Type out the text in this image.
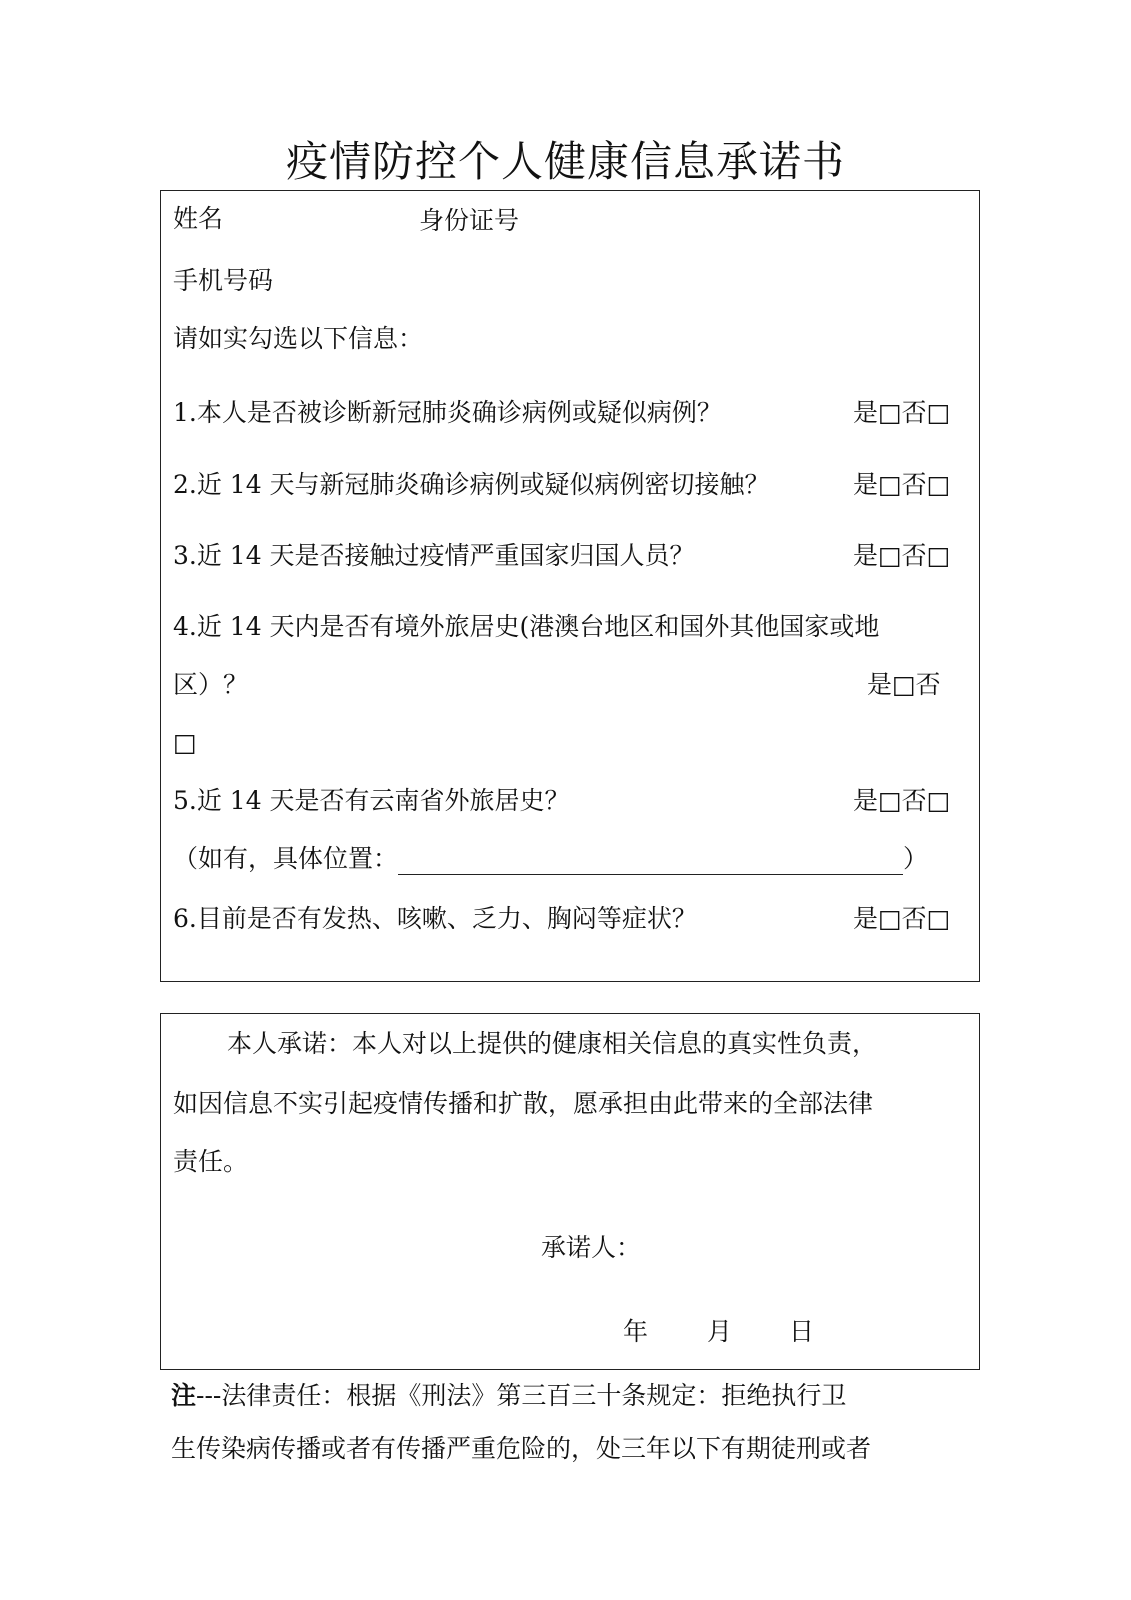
疫情防控个人健康信息承诺书
姓名	身份证号
手机号码
请如实勾选以下信息：
1.本人是否被诊断新冠肺炎确诊病例或疑似病例？	是□否□
2.近 14 天与新冠肺炎确诊病例或疑似病例密切接触？	是□否□
3.近 14 天是否接触过疫情严重国家归国人员？	是□否□
4.近 14 天内是否有境外旅居史(港澳台地区和国外其他国家或地
区）？	是□否
□
5.近 14 天是否有云南省外旅居史？	是□否□
（如有，具体位置：	）
6.目前是否有发热、咳嗽、乏力、胸闷等症状？	是□否□
本人承诺：本人对以上提供的健康相关信息的真实性负责，
如因信息不实引起疫情传播和扩散，愿承担由此带来的全部法律
责任。
承诺人：
年 月 日
注---法律责任：根据《刑法》第三百三十条规定：拒绝执行卫
生传染病传播或者有传播严重危险的，处三年以下有期徒刑或者
